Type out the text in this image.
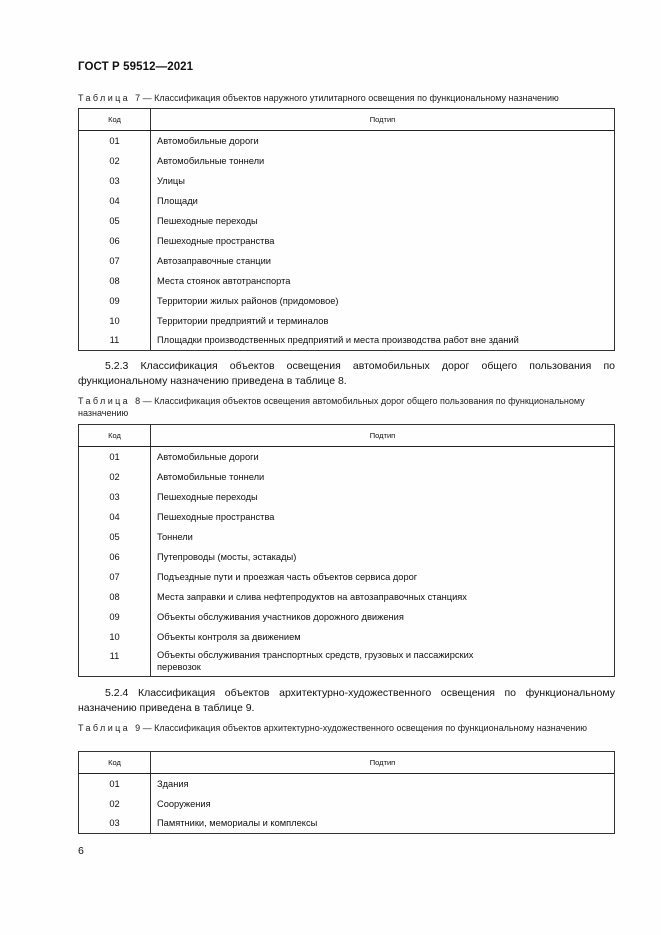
ГОСТ Р 59512—2021
Таблица 7 — Классификация объектов наружного утилитарного освещения по функциональному назначению
Код	Подтип
01	Автомобильные дороги
02	Автомобильные тоннели
03	Улицы
04	Площади
05	Пешеходные переходы
06	Пешеходные пространства
07	Автозаправочные станции
08	Места стоянок автотранспорта
09	Территории жилых районов (придомовое)
10	Территории предприятий и терминалов
11	Площадки производственных предприятий и места производства работ вне зданий
5.2.3 Классификация объектов освещения автомобильных дорог общего пользования по функциональному назначению приведена в таблице 8.
Таблица 8 — Классификация объектов освещения автомобильных дорог общего пользования по функциональному назначению
Код	Подтип
01	Автомобильные дороги
02	Автомобильные тоннели
03	Пешеходные переходы
04	Пешеходные пространства
05	Тоннели
06	Путепроводы (мосты, эстакады)
07	Подъездные пути и проезжая часть объектов сервиса дорог
08	Места заправки и слива нефтепродуктов на автозаправочных станциях
09	Объекты обслуживания участников дорожного движения
10	Объекты контроля за движением
11	Объекты обслуживания транспортных средств, грузовых и пассажирских перевозок
5.2.4 Классификация объектов архитектурно-художественного освещения по функциональному назначению приведена в таблице 9.
Таблица 9 — Классификация объектов архитектурно-художественного освещения по функциональному назначению
Код	Подтип
01	Здания
02	Сооружения
03	Памятники, мемориалы и комплексы
6
